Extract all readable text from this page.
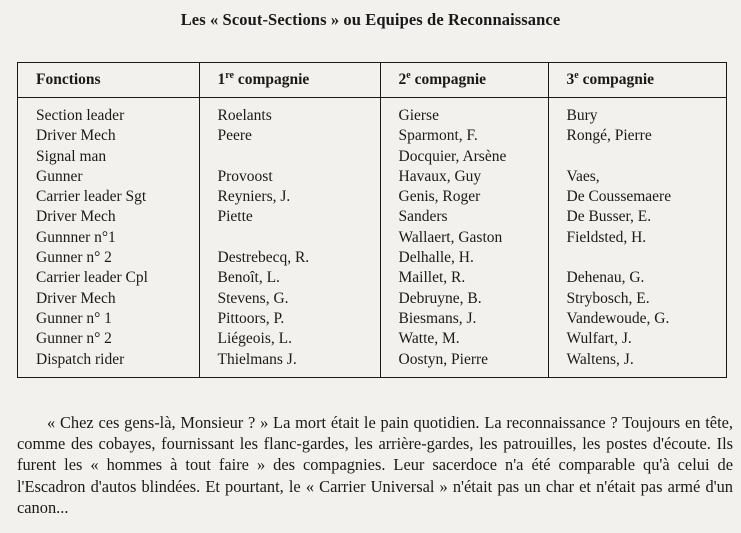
Les « Scout-Sections » ou Equipes de Reconnaissance
Fonctions	1re compagnie	2e compagnie	3e compagnie

Section leader	Roelants	Gierse	Bury
Driver Mech	Peere	Sparmont, F.	Rongé, Pierre
Signal man		Docquier, Arsène	
Gunner	Provoost	Havaux, Guy	Vaes,
Carrier leader Sgt	Reyniers, J.	Genis, Roger	De Coussemaere
Driver Mech	Piette	Sanders	De Busser, E.
Gunnner n°1		Wallaert, Gaston	Fieldsted, H.
Gunner n° 2	Destrebecq, R.	Delhalle, H.	
Carrier leader Cpl	Benoît, L.	Maillet, R.	Dehenau, G.
Driver Mech	Stevens, G.	Debruyne, B.	Strybosch, E.
Gunner n° 1	Pittoors, P.	Biesmans, J.	Vandewoude, G.
Gunner n° 2	Liégeois, L.	Watte, M.	Wulfart, J.
Dispatch rider	Thielmans J.	Oostyn, Pierre	Waltens, J.

« Chez ces gens-là, Monsieur ? » La mort était le pain quotidien. La reconnaissance ? Toujours en tête, comme des cobayes, fournissant les flanc-gardes, les arrière-gardes, les patrouilles, les postes d'écoute. Ils furent les « hommes à tout faire » des compagnies. Leur sacerdoce n'a été comparable qu'à celui de l'Escadron d'autos blindées. Et pourtant, le « Carrier Universal » n'était pas un char et n'était pas armé d'un canon...
